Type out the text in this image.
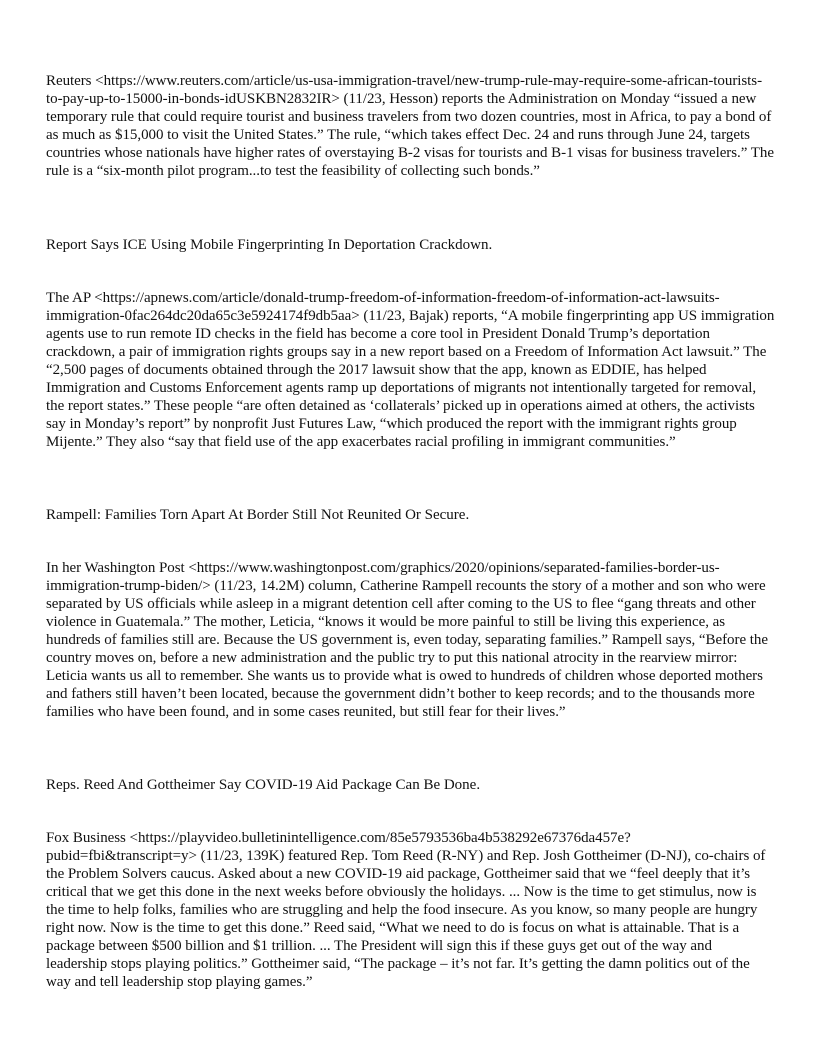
Reuters <https://www.reuters.com/article/us-usa-immigration-travel/new-trump-rule-may-require-some-african-tourists-to-pay-up-to-15000-in-bonds-idUSKBN2832IR> (11/23, Hesson) reports the Administration on Monday “issued a new temporary rule that could require tourist and business travelers from two dozen countries, most in Africa, to pay a bond of as much as $15,000 to visit the United States.” The rule, “which takes effect Dec. 24 and runs through June 24, targets countries whose nationals have higher rates of overstaying B-2 visas for tourists and B-1 visas for business travelers.” The rule is a “six-month pilot program...to test the feasibility of collecting such bonds.”

Report Says ICE Using Mobile Fingerprinting In Deportation Crackdown.

The AP <https://apnews.com/article/donald-trump-freedom-of-information-freedom-of-information-act-lawsuits-immigration-0fac264dc20da65c3e5924174f9db5aa> (11/23, Bajak) reports, “A mobile fingerprinting app US immigration agents use to run remote ID checks in the field has become a core tool in President Donald Trump’s deportation crackdown, a pair of immigration rights groups say in a new report based on a Freedom of Information Act lawsuit.” The “2,500 pages of documents obtained through the 2017 lawsuit show that the app, known as EDDIE, has helped Immigration and Customs Enforcement agents ramp up deportations of migrants not intentionally targeted for removal, the report states.” These people “are often detained as ‘collaterals’ picked up in operations aimed at others, the activists say in Monday’s report” by nonprofit Just Futures Law, “which produced the report with the immigrant rights group Mijente.” They also “say that field use of the app exacerbates racial profiling in immigrant communities.”

Rampell: Families Torn Apart At Border Still Not Reunited Or Secure.

In her Washington Post <https://www.washingtonpost.com/graphics/2020/opinions/separated-families-border-us-immigration-trump-biden/> (11/23, 14.2M) column, Catherine Rampell recounts the story of a mother and son who were separated by US officials while asleep in a migrant detention cell after coming to the US to flee “gang threats and other violence in Guatemala.” The mother, Leticia, “knows it would be more painful to still be living this experience, as hundreds of families still are. Because the US government is, even today, separating families.” Rampell says, “Before the country moves on, before a new administration and the public try to put this national atrocity in the rearview mirror: Leticia wants us all to remember. She wants us to provide what is owed to hundreds of children whose deported mothers and fathers still haven’t been located, because the government didn’t bother to keep records; and to the thousands more families who have been found, and in some cases reunited, but still fear for their lives.”

Reps. Reed And Gottheimer Say COVID-19 Aid Package Can Be Done.

Fox Business <https://playvideo.bulletinintelligence.com/85e5793536ba4b538292e67376da457e?pubid=fbi&transcript=y> (11/23, 139K) featured Rep. Tom Reed (R-NY) and Rep. Josh Gottheimer (D-NJ), co-chairs of the Problem Solvers caucus. Asked about a new COVID-19 aid package, Gottheimer said that we “feel deeply that it’s critical that we get this done in the next weeks before obviously the holidays. ... Now is the time to get stimulus, now is the time to help folks, families who are struggling and help the food insecure. As you know, so many people are hungry right now. Now is the time to get this done.” Reed said, “What we need to do is focus on what is attainable. That is a package between $500 billion and $1 trillion. ... The President will sign this if these guys get out of the way and leadership stops playing politics.” Gottheimer said, “The package – it’s not far. It’s getting the damn politics out of the way and tell leadership stop playing games.”
